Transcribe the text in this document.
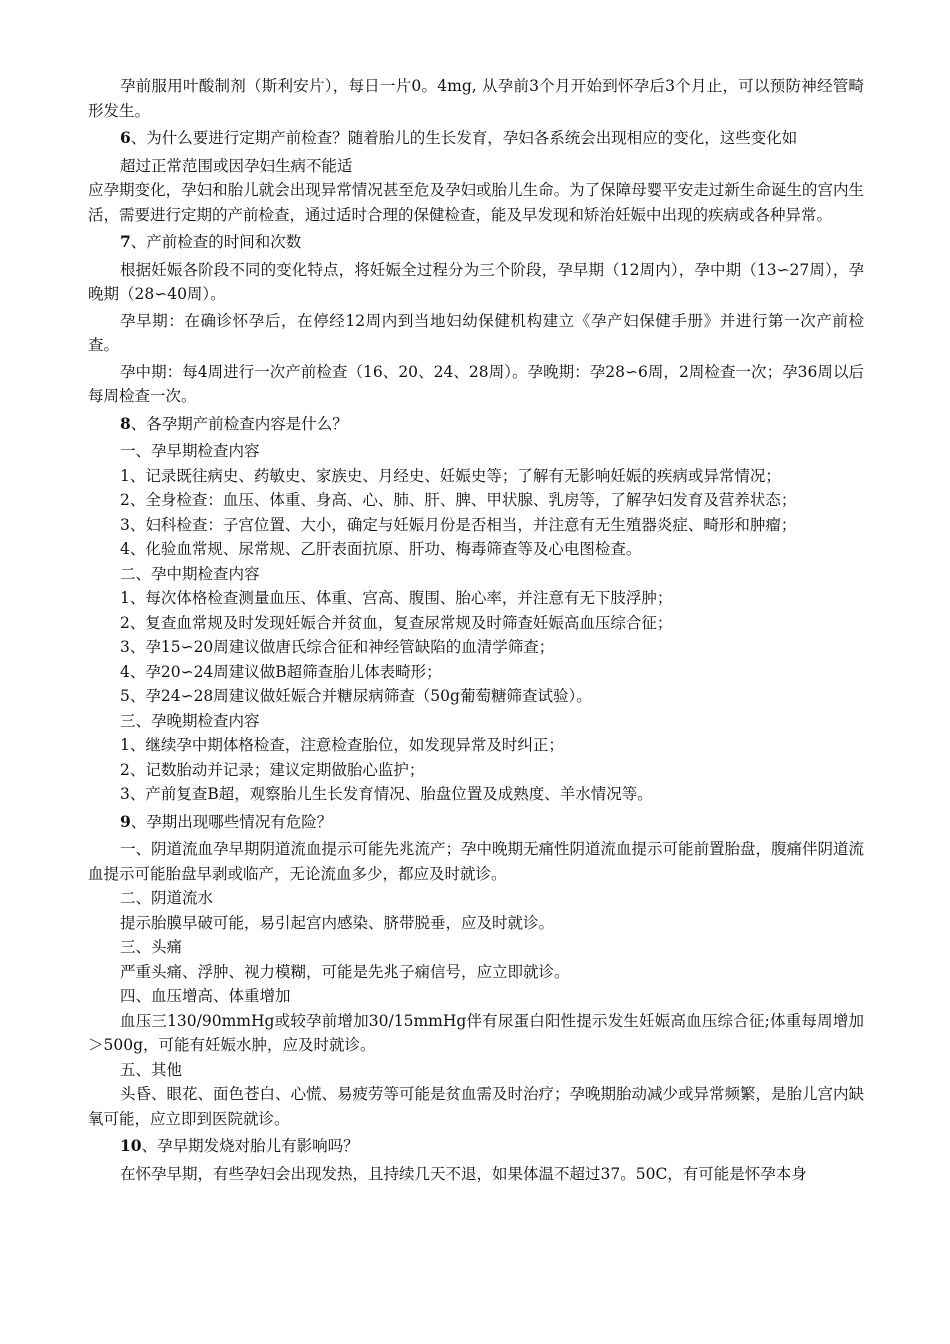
孕前服用叶酸制剂（斯利安片），每日一片0。4mg, 从孕前3个月开始到怀孕后3个月止，可以预防神经管畸形发生。

6、为什么要进行定期产前检查？随着胎儿的生长发育，孕妇各系统会出现相应的变化，这些变化如

超过正常范围或因孕妇生病不能适

应孕期变化，孕妇和胎儿就会出现异常情况甚至危及孕妇或胎儿生命。为了保障母婴平安走过新生命诞生的宫内生活，需要进行定期的产前检查，通过适时合理的保健检查，能及早发现和矫治妊娠中出现的疾病或各种异常。

7、产前检查的时间和次数

根据妊娠各阶段不同的变化特点，将妊娠全过程分为三个阶段，孕早期（12周内），孕中期（13∽27周），孕晚期（28∽40周）。

孕早期：在确诊怀孕后，在停经12周内到当地妇幼保健机构建立《孕产妇保健手册》并进行第一次产前检查。

孕中期：每4周进行一次产前检查（16、20、24、28周）。孕晚期：孕28∽6周，2周检查一次；孕36周以后每周检查一次。

8、各孕期产前检查内容是什么？

一、孕早期检查内容

1、记录既往病史、药敏史、家族史、月经史、妊娠史等；了解有无影响妊娠的疾病或异常情况；

2、全身检查：血压、体重、身高、心、肺、肝、脾、甲状腺、乳房等，了解孕妇发育及营养状态；

3、妇科检查：子宫位置、大小，确定与妊娠月份是否相当，并注意有无生殖器炎症、畸形和肿瘤；

4、化验血常规、尿常规、乙肝表面抗原、肝功、梅毒筛查等及心电图检查。

二、孕中期检查内容

1、每次体格检查测量血压、体重、宫高、腹围、胎心率，并注意有无下肢浮肿；

2、复查血常规及时发现妊娠合并贫血，复查尿常规及时筛查妊娠高血压综合征；

3、孕15∽20周建议做唐氏综合征和神经管缺陷的血清学筛查；

4、孕20∽24周建议做B超筛查胎儿体表畸形；

5、孕24∽28周建议做妊娠合并糖尿病筛查（50g葡萄糖筛查试验）。

三、孕晚期检查内容

1、继续孕中期体格检查，注意检查胎位，如发现异常及时纠正；

2、记数胎动并记录；建议定期做胎心监护；

3、产前复查B超，观察胎儿生长发育情况、胎盘位置及成熟度、羊水情况等。

9、孕期出现哪些情况有危险？

一、阴道流血孕早期阴道流血提示可能先兆流产；孕中晚期无痛性阴道流血提示可能前置胎盘，腹痛伴阴道流血提示可能胎盘早剥或临产，无论流血多少，都应及时就诊。

二、阴道流水

提示胎膜早破可能，易引起宫内感染、脐带脱垂，应及时就诊。

三、头痛

严重头痛、浮肿、视力模糊，可能是先兆子痫信号，应立即就诊。

四、血压增高、体重增加

血压三130/90mmHg或较孕前增加30/15mmHg伴有尿蛋白阳性提示发生妊娠高血压综合征;体重每周增加＞500g，可能有妊娠水肿，应及时就诊。

五、其他

头昏、眼花、面色苍白、心慌、易疲劳等可能是贫血需及时治疗；孕晚期胎动减少或异常频繁，是胎儿宫内缺氧可能，应立即到医院就诊。

10、孕早期发烧对胎儿有影响吗？

在怀孕早期，有些孕妇会出现发热，且持续几天不退，如果体温不超过37。50C，有可能是怀孕本身
